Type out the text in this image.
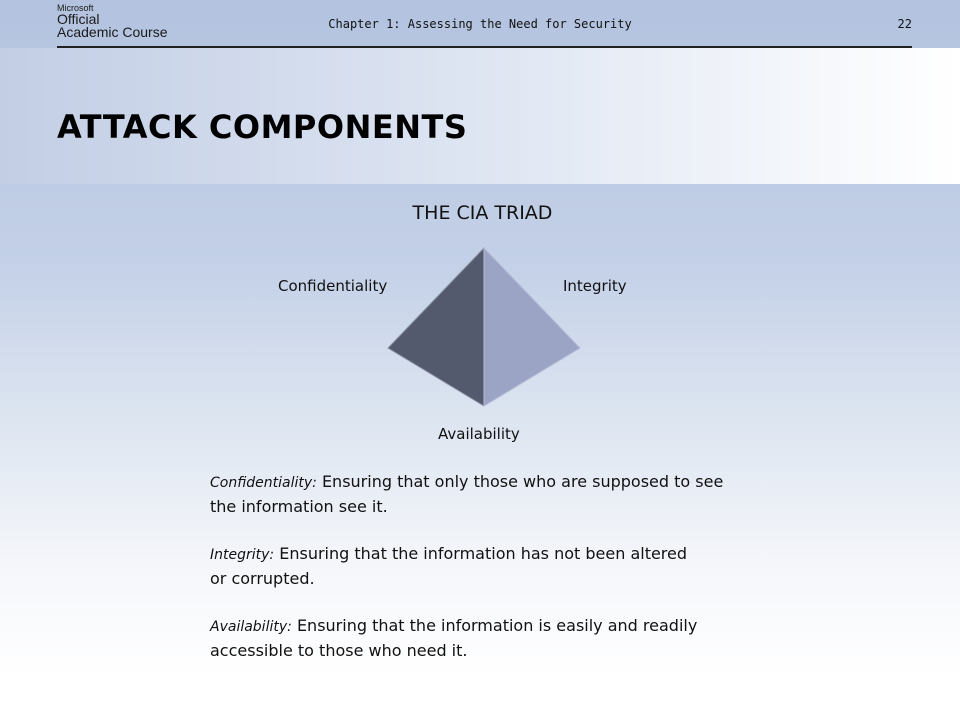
Microsoft
Official
Academic Course	Chapter 1: Assessing the Need for Security	22
ATTACK COMPONENTS
THE CIA TRIAD
Confidentiality	Integrity
Availability

Confidentiality: Ensuring that only those who are supposed to see
the information see it.

Integrity: Ensuring that the information has not been altered
or corrupted.

Availability: Ensuring that the information is easily and readily
accessible to those who need it.
